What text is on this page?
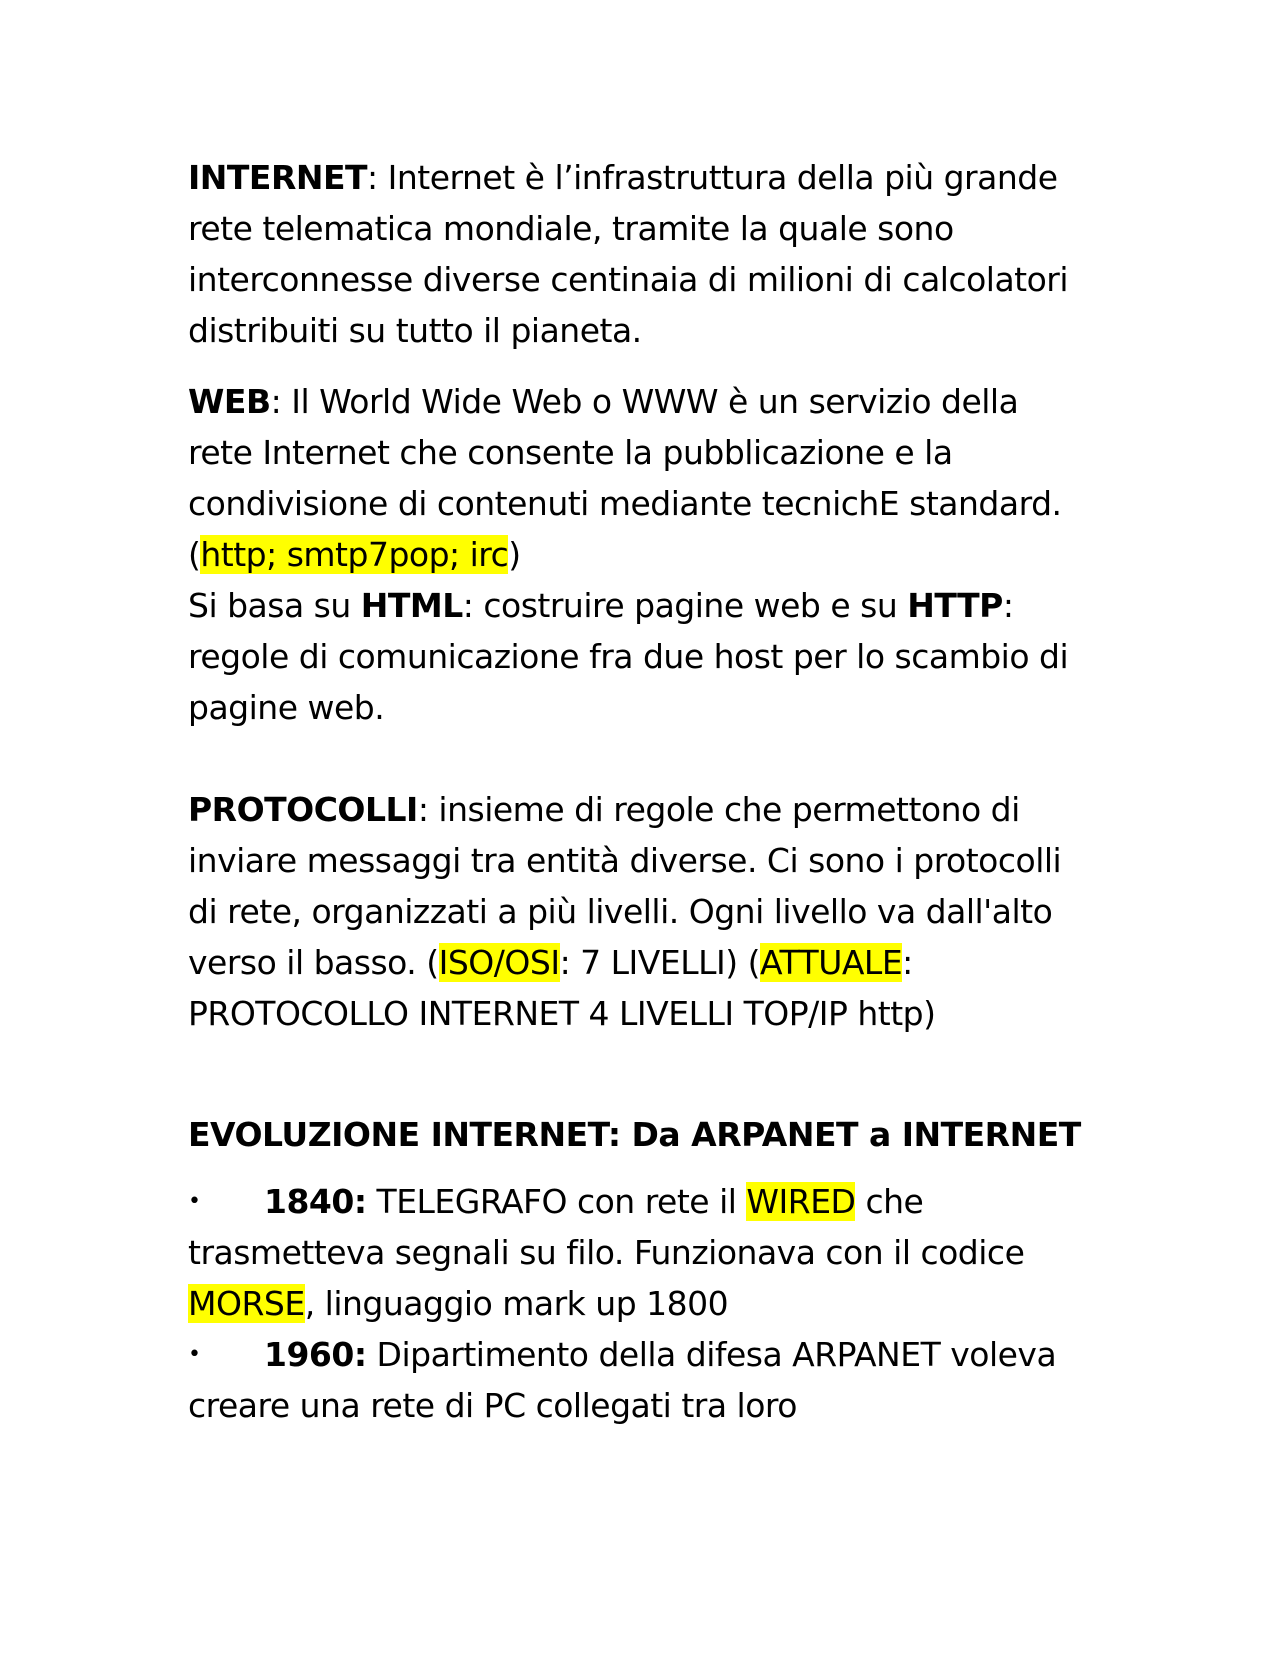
INTERNET: Internet è l’infrastruttura della più grande rete telematica mondiale, tramite la quale sono interconnesse diverse centinaia di milioni di calcolatori distribuiti su tutto il pianeta.

WEB: Il World Wide Web o WWW è un servizio della rete Internet che consente la pubblicazione e la condivisione di contenuti mediante tecnichE standard. (http; smtp7pop; irc)
Si basa su HTML: costruire pagine web e su HTTP: regole di comunicazione fra due host per lo scambio di pagine web.

PROTOCOLLI: insieme di regole che permettono di inviare messaggi tra entità diverse. Ci sono i protocolli di rete, organizzati a più livelli. Ogni livello va dall'alto verso il basso. (ISO/OSI: 7 LIVELLI) (ATTUALE: PROTOCOLLO INTERNET 4 LIVELLI TOP/IP http)

EVOLUZIONE INTERNET: Da ARPANET a INTERNET

• 1840: TELEGRAFO con rete il WIRED che trasmetteva segnali su filo. Funzionava con il codice MORSE, linguaggio mark up 1800

• 1960: Dipartimento della difesa ARPANET voleva creare una rete di PC collegati tra loro
